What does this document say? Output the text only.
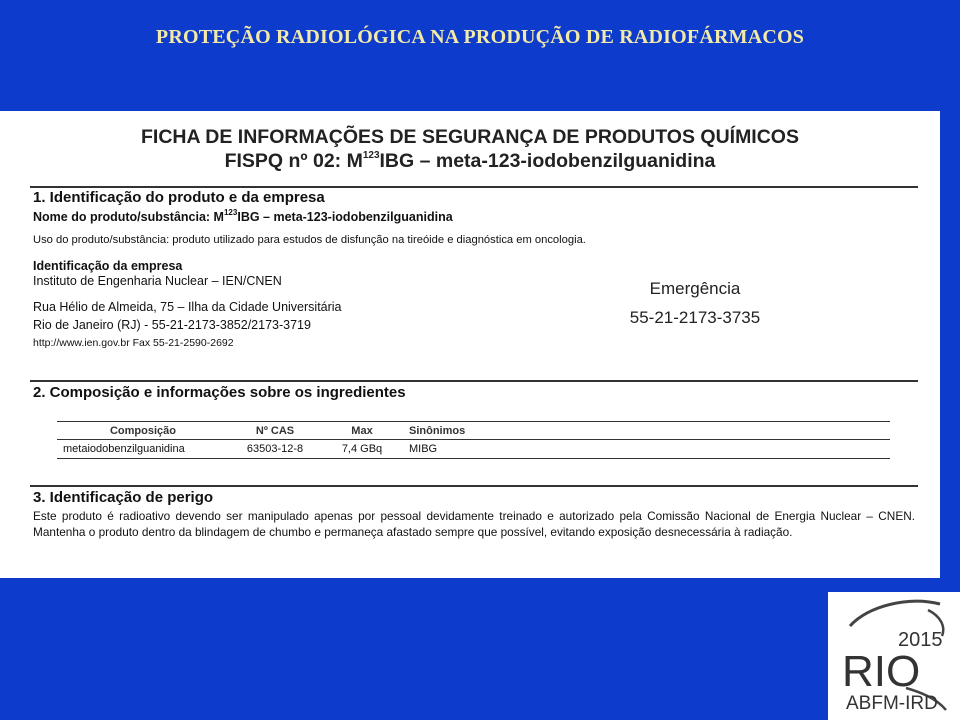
PROTEÇÃO RADIOLÓGICA NA PRODUÇÃO DE RADIOFÁRMACOS
FICHA DE INFORMAÇÕES DE SEGURANÇA DE PRODUTOS QUÍMICOS
FISPQ nº 02: $M^{123}IBG$ – meta-123-iodobenzilguanidina
1. Identificação do produto e da empresa
Nome do produto/substância: $M^{123}IBG$ – meta-123-iodobenzilguanidina
Uso do produto/substância: produto utilizado para estudos de disfunção na tireóide e diagnóstica em oncologia.
Identificação da empresa
Instituto de Engenharia Nuclear – IEN/CNEN
Rua Hélio de Almeida, 75 – Ilha da Cidade Universitária
Rio de Janeiro (RJ) - 55-21-2173-3852/2173-3719
http://www.ien.gov.br Fax 55-21-2590-2692
Emergência
55-21-2173-3735
2. Composição e informações sobre os ingredientes
Composição	Nº CAS	Max	Sinônimos
metaiodobenzilguanidina	63503-12-8	7,4 GBq	MIBG
3. Identificação de perigo
Este produto é radioativo devendo ser manipulado apenas por pessoal devidamente treinado e autorizado pela Comissão Nacional de Energia Nuclear – CNEN. Mantenha o produto dentro da blindagem de chumbo e permaneça afastado sempre que possível, evitando exposição desnecessária à radiação.
2015
RIO
ABFM-IRD
